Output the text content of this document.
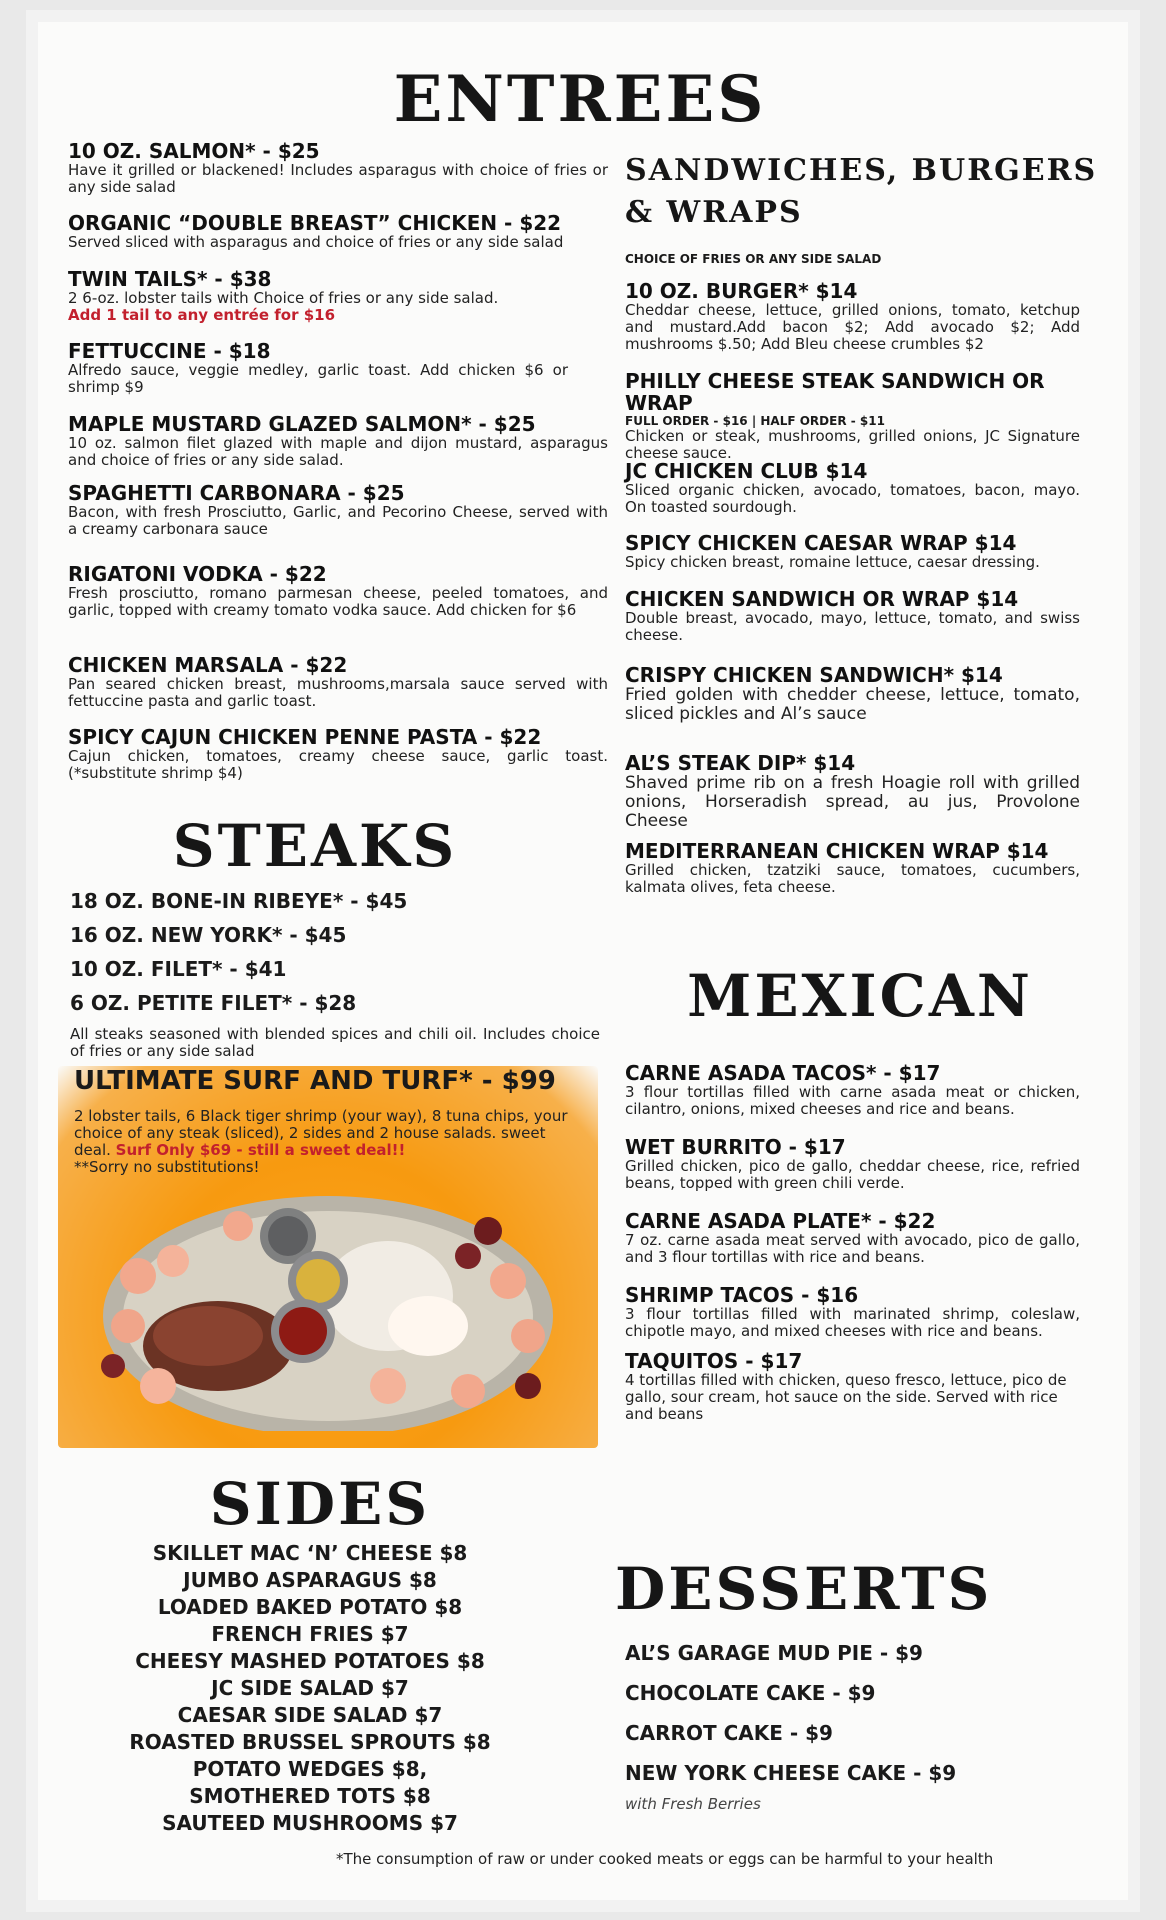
ENTREES

10 OZ. SALMON* - $25

Have it grilled or blackened! Includes asparagus with choice of fries or any side salad

ORGANIC “DOUBLE BREAST” CHICKEN - $22

Served sliced with asparagus and choice of fries or any side salad

TWIN TAILS* - $38

2 6-oz. lobster tails with Choice of fries or any side salad.

Add 1 tail to any entrée for $16

FETTUCCINE - $18

Alfredo sauce, veggie medley, garlic toast. Add chicken $6 or shrimp $9

MAPLE MUSTARD GLAZED SALMON* - $25

10 oz. salmon filet glazed with maple and dijon mustard, asparagus and choice of fries or any side salad.

SPAGHETTI CARBONARA - $25

Bacon, with fresh Prosciutto, Garlic, and Pecorino Cheese, served with a creamy carbonara sauce

RIGATONI VODKA - $22

Fresh prosciutto, romano parmesan cheese, peeled tomatoes, and garlic, topped with creamy tomato vodka sauce. Add chicken for $6

CHICKEN MARSALA - $22

Pan seared chicken breast, mushrooms,marsala sauce served with fettuccine pasta and garlic toast.

SPICY CAJUN CHICKEN PENNE PASTA - $22

Cajun chicken, tomatoes, creamy cheese sauce, garlic toast. (*substitute shrimp $4)

STEAKS

18 OZ. BONE-IN RIBEYE* - $45

16 OZ. NEW YORK* - $45

10 OZ. FILET* - $41

6 OZ. PETITE FILET* - $28

All steaks seasoned with blended spices and chili oil. Includes choice of fries or any side salad

ULTIMATE SURF AND TURF* - $99
2 lobster tails, 6 Black tiger shrimp (your way), 8 tuna chips, your choice of any steak (sliced), 2 sides and 2 house salads. sweet deal. Surf Only $69 - still a sweet deal!!
**Sorry no substitutions!
SIDES
SKILLET MAC ‘N’ CHEESE $8
JUMBO ASPARAGUS $8
LOADED BAKED POTATO $8
FRENCH FRIES $7
CHEESY MASHED POTATOES $8
JC SIDE SALAD $7
CAESAR SIDE SALAD $7
ROASTED BRUSSEL SPROUTS $8
POTATO WEDGES $8,
SMOTHERED TOTS $8
SAUTEED MUSHROOMS $7
SANDWICHES, BURGERS
& WRAPS

CHOICE OF FRIES OR ANY SIDE SALAD

10 OZ. BURGER* $14

Cheddar cheese, lettuce, grilled onions, tomato, ketchup and mustard.Add bacon $2; Add avocado $2; Add mushrooms $.50; Add Bleu cheese crumbles $2

PHILLY CHEESE STEAK SANDWICH OR WRAP

FULL ORDER - $16 | HALF ORDER - $11

Chicken or steak, mushrooms, grilled onions, JC Signature cheese sauce.

JC CHICKEN CLUB $14

Sliced organic chicken, avocado, tomatoes, bacon, mayo. On toasted sourdough.

SPICY CHICKEN CAESAR WRAP $14

Spicy chicken breast, romaine lettuce, caesar dressing.

CHICKEN SANDWICH OR WRAP $14

Double breast, avocado, mayo, lettuce, tomato, and swiss cheese.

CRISPY CHICKEN SANDWICH* $14

Fried golden with chedder cheese, lettuce, tomato, sliced pickles and Al’s sauce

AL’S STEAK DIP* $14

Shaved prime rib on a fresh Hoagie roll with grilled onions, Horseradish spread, au jus, Provolone Cheese

MEDITERRANEAN CHICKEN WRAP $14

Grilled chicken, tzatziki sauce, tomatoes, cucumbers, kalmata olives, feta cheese.

MEXICAN

CARNE ASADA TACOS* - $17

3 flour tortillas filled with carne asada meat or chicken, cilantro, onions, mixed cheeses and rice and beans.

WET BURRITO - $17

Grilled chicken, pico de gallo, cheddar cheese, rice, refried beans, topped with green chili verde.

CARNE ASADA PLATE* - $22

7 oz. carne asada meat served with avocado, pico de gallo, and 3 flour tortillas with rice and beans.

SHRIMP TACOS - $16

3 flour tortillas filled with marinated shrimp, coleslaw, chipotle mayo, and mixed cheeses with rice and beans.

TAQUITOS - $17

4 tortillas filled with chicken, queso fresco, lettuce, pico de gallo, sour cream, hot sauce on the side. Served with rice and beans

DESSERTS
AL’S GARAGE MUD PIE - $9
CHOCOLATE CAKE - $9
CARROT CAKE - $9
NEW YORK CHEESE CAKE - $9
with Fresh Berries
*The consumption of raw or under cooked meats or eggs can be harmful to your health
